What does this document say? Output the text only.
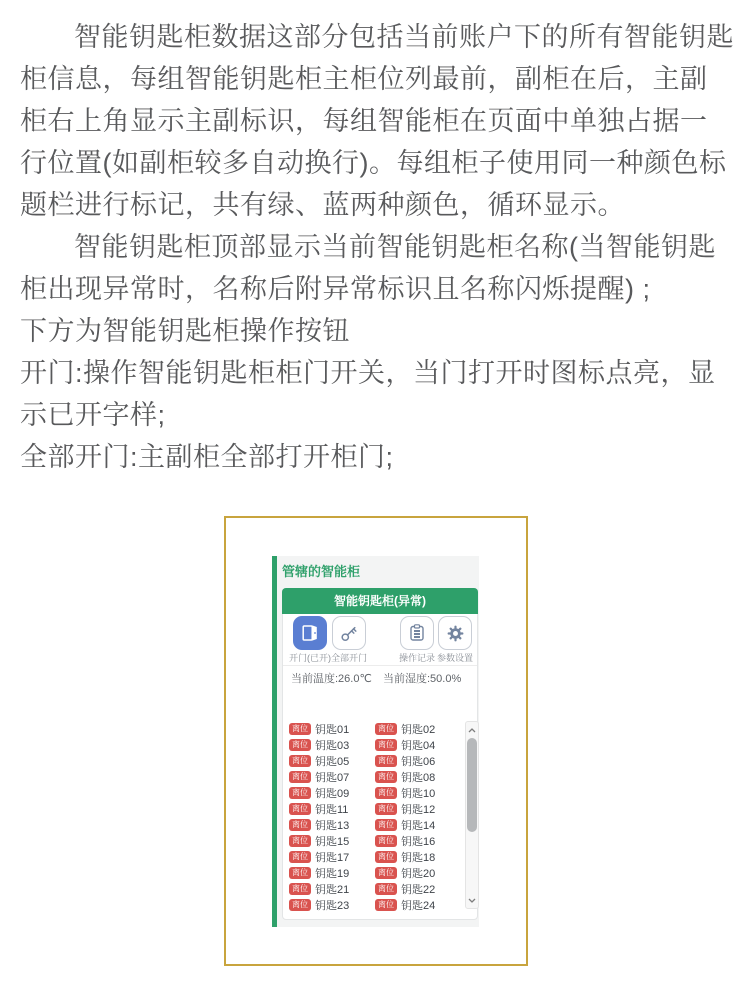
智能钥匙柜数据这部分包括当前账户下的所有智能钥匙柜信息，每组智能钥匙柜主柜位列最前，副柜在后，主副柜右上角显示主副标识，每组智能柜在页面中单独占据一行位置(如副柜较多自动换行)。每组柜子使用同一种颜色标题栏进行标记，共有绿、蓝两种颜色，循环显示。

智能钥匙柜顶部显示当前智能钥匙柜名称(当智能钥匙柜出现异常时，名称后附异常标识且名称闪烁提醒) ;

下方为智能钥匙柜操作按钮

开门:操作智能钥匙柜柜门开关，当门打开时图标点亮，显示已开字样;

全部开门:主副柜全部打开柜门;

管辖的智能柜
智能钥匙柜(异常)
开门(已开) 全部开门	操作记录 参数设置
当前温度:26.0℃ 当前湿度:50.0%
离位 钥匙01	离位 钥匙02
离位 钥匙03	离位 钥匙04
离位 钥匙05	离位 钥匙06
离位 钥匙07	离位 钥匙08
离位 钥匙09	离位 钥匙10
离位 钥匙11	离位 钥匙12
离位 钥匙13	离位 钥匙14
离位 钥匙15	离位 钥匙16
离位 钥匙17	离位 钥匙18
离位 钥匙19	离位 钥匙20
离位 钥匙21	离位 钥匙22
离位 钥匙23	离位 钥匙24
